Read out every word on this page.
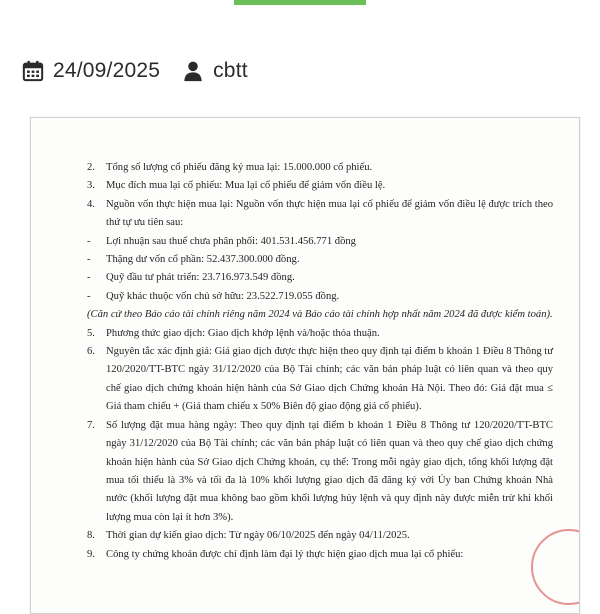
24/09/2025	cbtt
2. Tổng số lượng cổ phiếu đăng ký mua lại: 15.000.000 cổ phiếu.
3. Mục đích mua lại cổ phiếu: Mua lại cổ phiếu để giảm vốn điều lệ.
4. Nguồn vốn thực hiện mua lại: Nguồn vốn thực hiện mua lại cổ phiếu để giảm vốn điều lệ được trích theo thứ tự ưu tiên sau:
- Lợi nhuận sau thuế chưa phân phối: 401.531.456.771 đồng
- Thặng dư vốn cổ phần: 52.437.300.000 đồng.
- Quỹ đầu tư phát triển: 23.716.973.549 đồng.
- Quỹ khác thuộc vốn chủ sở hữu: 23.522.719.055 đồng.
(Căn cứ theo Báo cáo tài chính riêng năm 2024 và Báo cáo tài chính hợp nhất năm 2024 đã được kiểm toán).
5. Phương thức giao dịch: Giao dịch khớp lệnh và/hoặc thỏa thuận.
6. Nguyên tắc xác định giá: Giá giao dịch được thực hiện theo quy định tại điểm b khoản 1 Điều 8 Thông tư 120/2020/TT-BTC ngày 31/12/2020 của Bộ Tài chính; các văn bản pháp luật có liên quan và theo quy chế giao dịch chứng khoán hiện hành của Sở Giao dịch Chứng khoán Hà Nội. Theo đó: Giá đặt mua ≤ Giá tham chiếu + (Giá tham chiếu x 50% Biên độ giao động giá cổ phiếu).
7. Số lượng đặt mua hàng ngày: Theo quy định tại điểm b khoản 1 Điều 8 Thông tư 120/2020/TT-BTC ngày 31/12/2020 của Bộ Tài chính; các văn bản pháp luật có liên quan và theo quy chế giao dịch chứng khoán hiện hành của Sở Giao dịch Chứng khoán, cụ thể: Trong mỗi ngày giao dịch, tổng khối lượng đặt mua tối thiểu là 3% và tối đa là 10% khối lượng giao dịch đã đăng ký với Ủy ban Chứng khoán Nhà nước (khối lượng đặt mua không bao gồm khối lượng hủy lệnh và quy định này được miễn trừ khi khối lượng mua còn lại ít hơn 3%).
8. Thời gian dự kiến giao dịch: Từ ngày 06/10/2025 đến ngày 04/11/2025.
9. Công ty chứng khoán được chỉ định làm đại lý thực hiện giao dịch mua lại cổ phiếu:
